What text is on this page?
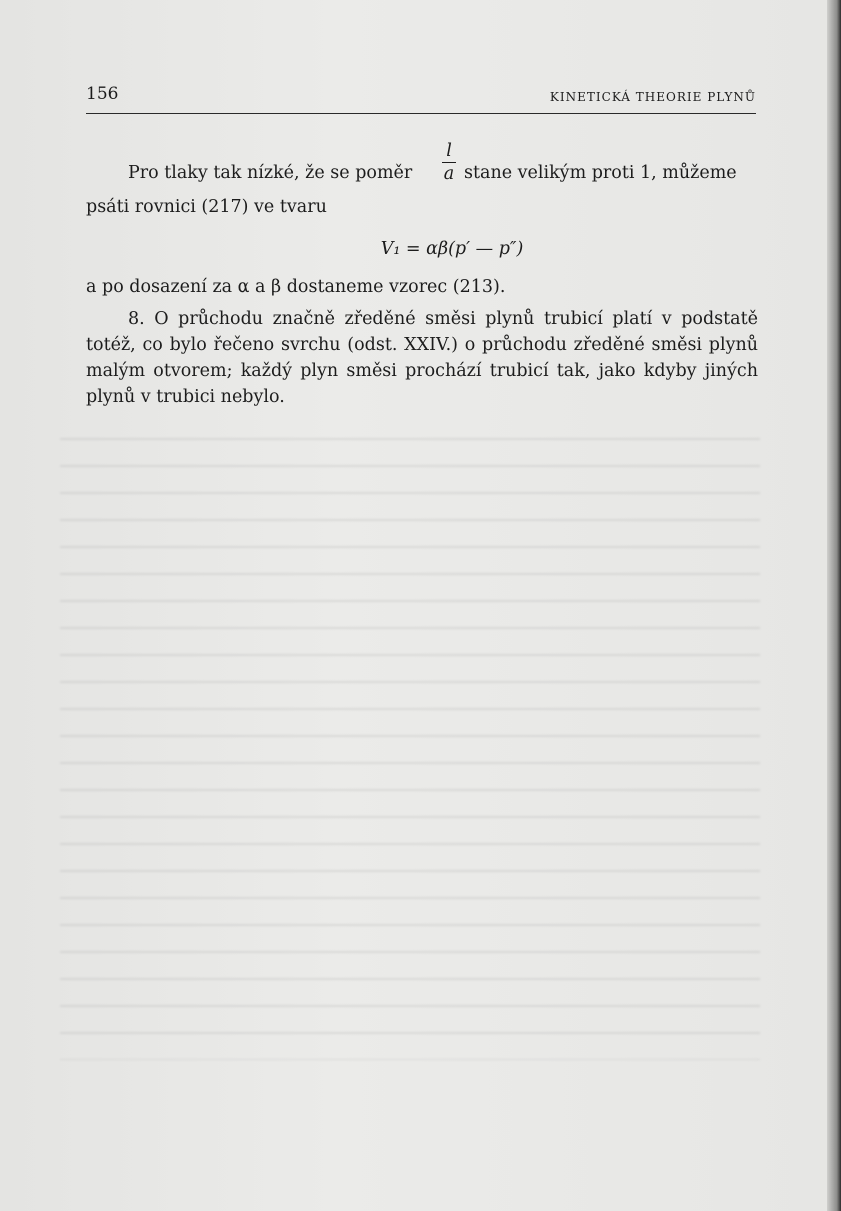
156	KINETICKÁ THEORIE PLYNŮ
Pro tlaky tak nízké, že se poměr
l
a stane velikým proti 1, můžeme
psáti rovnici (217) ve tvaru
V₁ = αβ(p′ — p″)
a po dosazení za α a β dostaneme vzorec (213).

8. O průchodu značně zředěné směsi plynů trubicí platí v podstatě totéž, co bylo řečeno svrchu (odst. XXIV.) o průchodu zředěné směsi plynů malým otvorem; každý plyn směsi prochází trubicí tak, jako kdyby jiných plynů v trubici nebylo.
